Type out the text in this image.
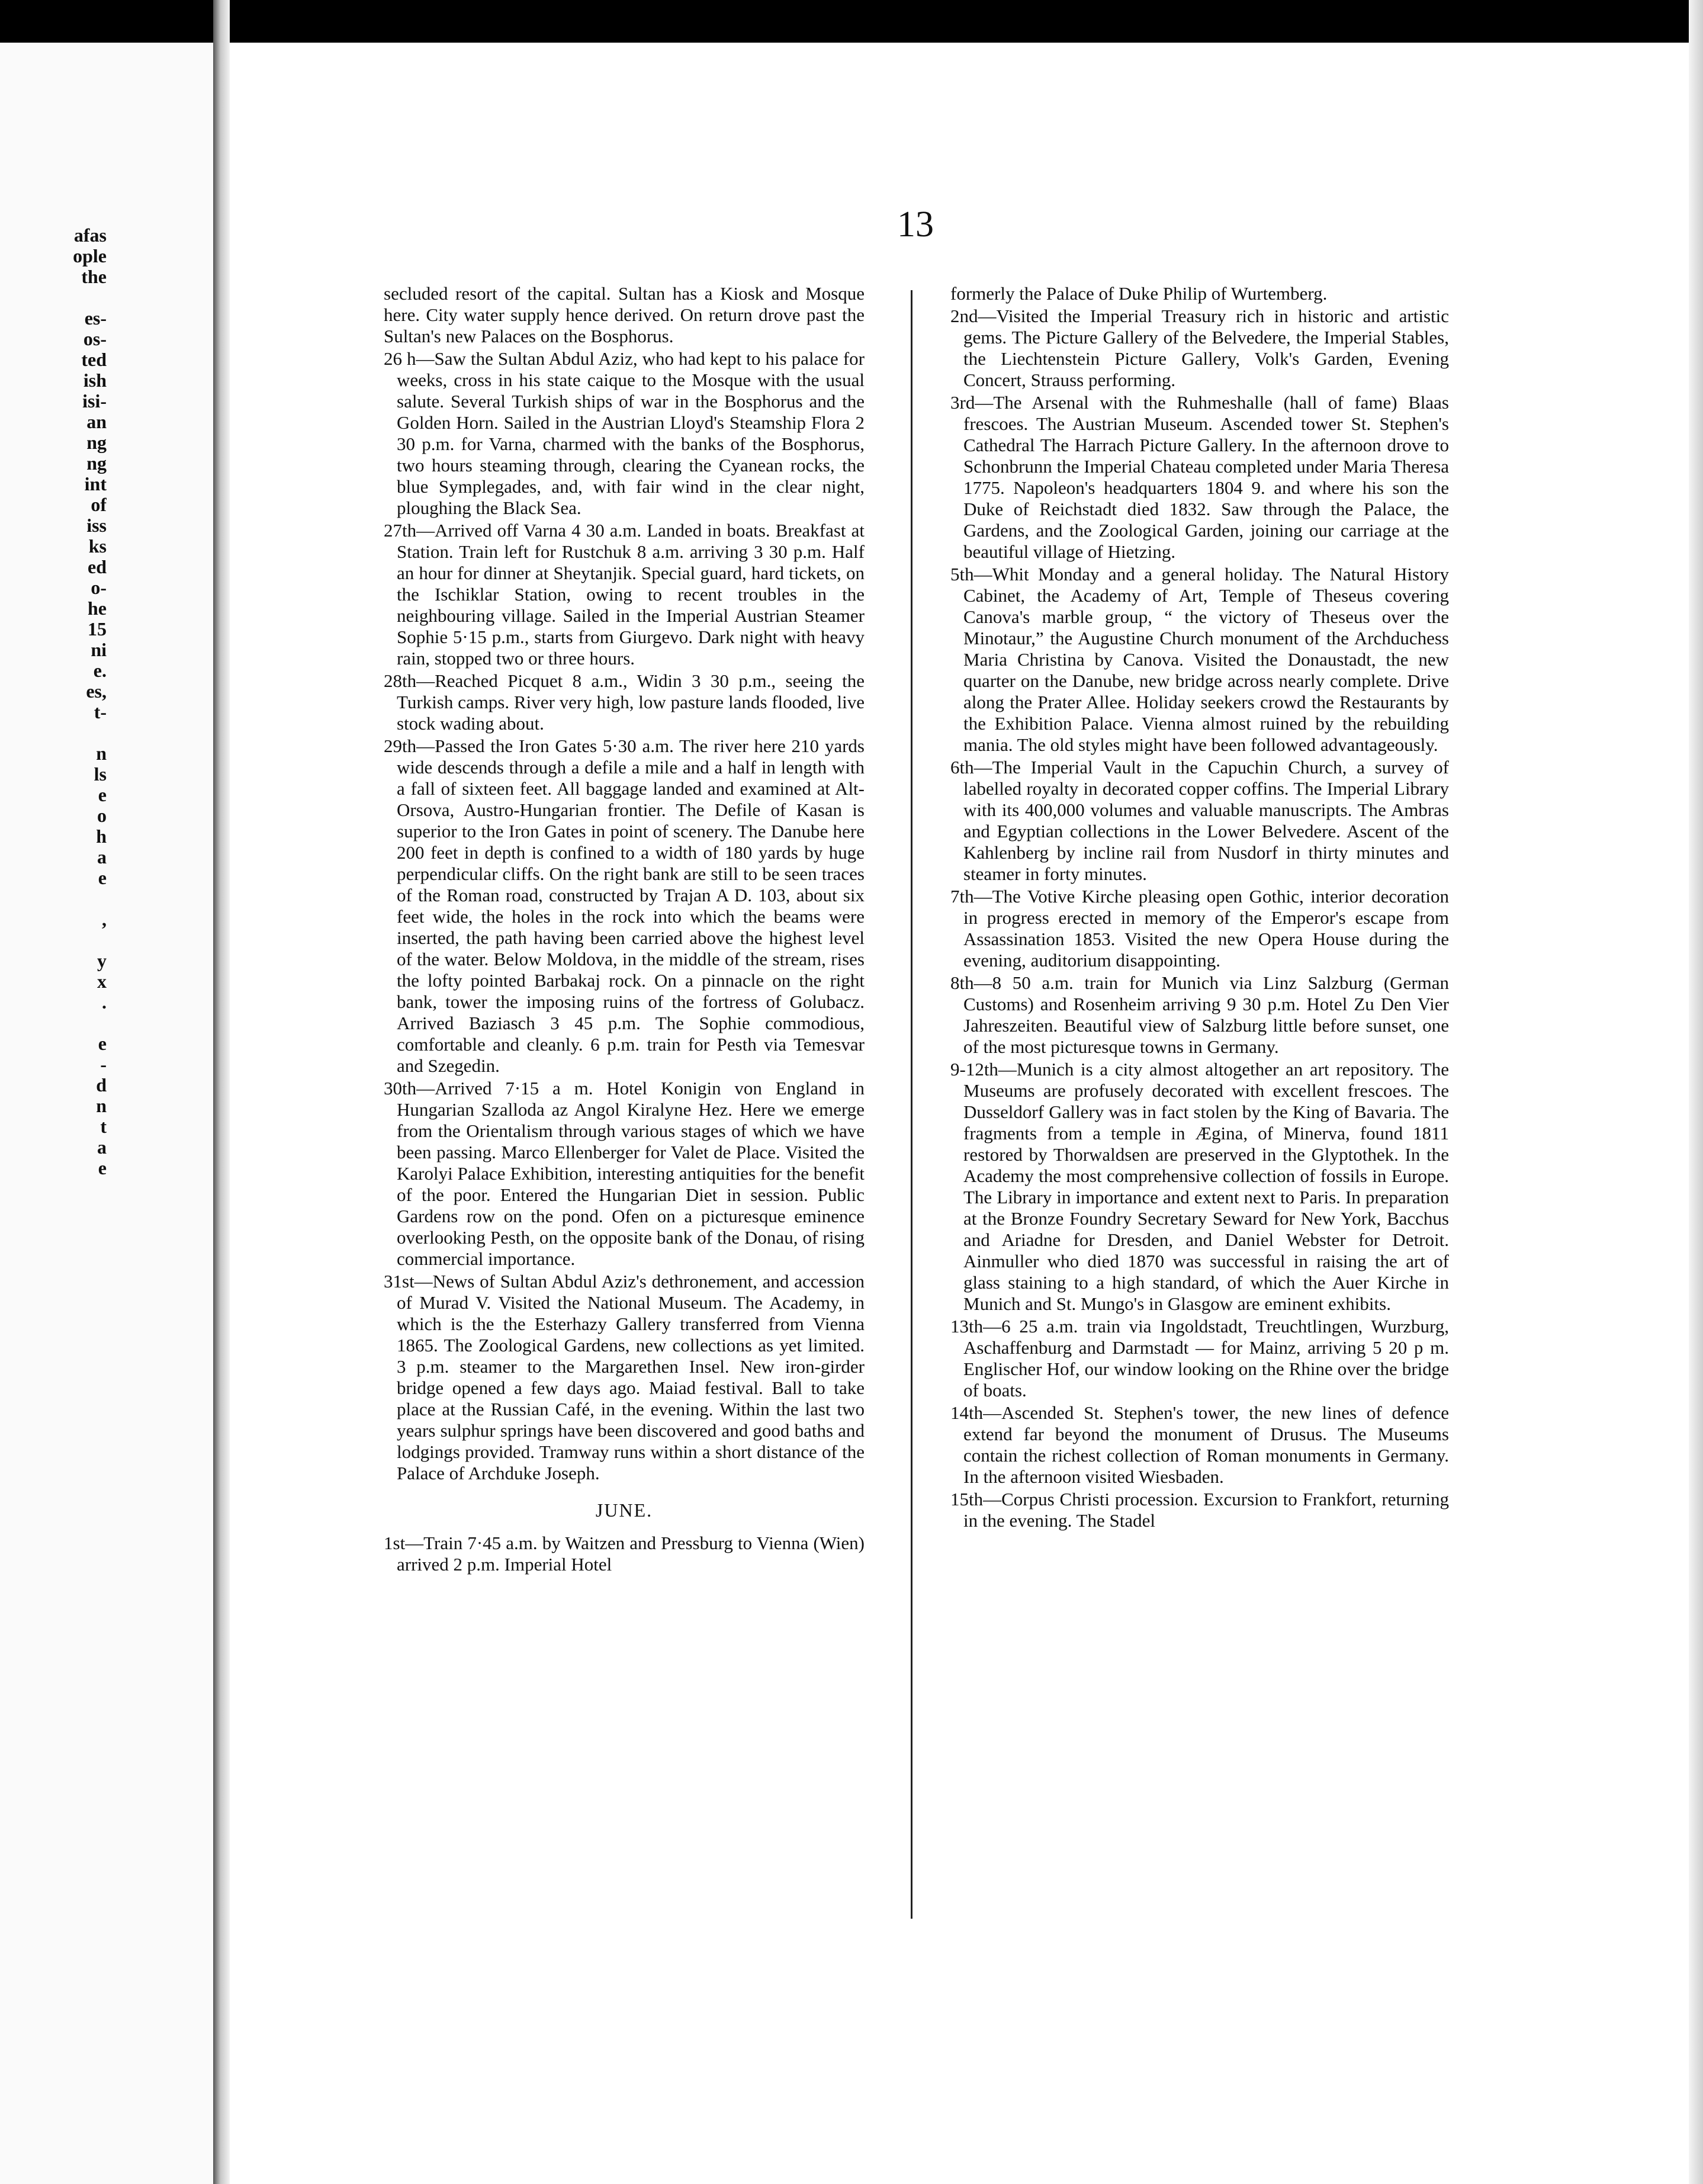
afas
ople
the
es-
os-
ted
ish
isi-
an
ng
ng
int
of
iss
ks
ed
o-
he
15
ni
e.
es,
t-
n
ls
e
o
h
a
e
,
y
x
.
e
-
d
n
t
a
e
13

secluded resort of the capital. Sultan has a Kiosk and Mosque here. City water supply hence derived. On return drove past the Sultan's new Palaces on the Bosphorus.

26 h—Saw the Sultan Abdul Aziz, who had kept to his palace for weeks, cross in his state caique to the Mosque with the usual salute. Several Turkish ships of war in the Bosphorus and the Golden Horn. Sailed in the Austrian Lloyd's Steamship Flora 2 30 p.m. for Varna, charmed with the banks of the Bosphorus, two hours steaming through, clearing the Cyanean rocks, the blue Symplegades, and, with fair wind in the clear night, ploughing the Black Sea.

27th—Arrived off Varna 4 30 a.m. Landed in boats. Breakfast at Station. Train left for Rustchuk 8 a.m. arriving 3 30 p.m. Half an hour for dinner at Sheytanjik. Special guard, hard tickets, on the Ischiklar Station, owing to recent troubles in the neighbouring village. Sailed in the Imperial Austrian Steamer Sophie 5·15 p.m., starts from Giurgevo. Dark night with heavy rain, stopped two or three hours.

28th—Reached Picquet 8 a.m., Widin 3 30 p.m., seeing the Turkish camps. River very high, low pasture lands flooded, live stock wading about.

29th—Passed the Iron Gates 5·30 a.m. The river here 210 yards wide descends through a defile a mile and a half in length with a fall of sixteen feet. All baggage landed and examined at Alt-Orsova, Austro-Hungarian frontier. The Defile of Kasan is superior to the Iron Gates in point of scenery. The Danube here 200 feet in depth is confined to a width of 180 yards by huge perpendicular cliffs. On the right bank are still to be seen traces of the Roman road, constructed by Trajan A D. 103, about six feet wide, the holes in the rock into which the beams were inserted, the path having been carried above the highest level of the water. Below Moldova, in the middle of the stream, rises the lofty pointed Barbakaj rock. On a pinnacle on the right bank, tower the imposing ruins of the fortress of Golubacz. Arrived Baziasch 3 45 p.m. The Sophie commodious, comfortable and cleanly. 6 p.m. train for Pesth via Temesvar and Szegedin.

30th—Arrived 7·15 a m. Hotel Konigin von England in Hungarian Szalloda az Angol Kiralyne Hez. Here we emerge from the Orientalism through various stages of which we have been passing. Marco Ellenberger for Valet de Place. Visited the Karolyi Palace Exhibition, interesting antiquities for the benefit of the poor. Entered the Hungarian Diet in session. Public Gardens row on the pond. Ofen on a picturesque eminence overlooking Pesth, on the opposite bank of the Donau, of rising commercial importance.

31st—News of Sultan Abdul Aziz's dethronement, and accession of Murad V. Visited the National Museum. The Academy, in which is the the Esterhazy Gallery transferred from Vienna 1865. The Zoological Gardens, new collections as yet limited. 3 p.m. steamer to the Margarethen Insel. New iron-girder bridge opened a few days ago. Maiad festival. Ball to take place at the Russian Café, in the evening. Within the last two years sulphur springs have been discovered and good baths and lodgings provided. Tramway runs within a short distance of the Palace of Archduke Joseph.

JUNE.

1st—Train 7·45 a.m. by Waitzen and Pressburg to Vienna (Wien) arrived 2 p.m. Imperial Hotel

formerly the Palace of Duke Philip of Wurtemberg.

2nd—Visited the Imperial Treasury rich in historic and artistic gems. The Picture Gallery of the Belvedere, the Imperial Stables, the Liechtenstein Picture Gallery, Volk's Garden, Evening Concert, Strauss performing.

3rd—The Arsenal with the Ruhmeshalle (hall of fame) Blaas frescoes. The Austrian Museum. Ascended tower St. Stephen's Cathedral The Harrach Picture Gallery. In the afternoon drove to Schonbrunn the Imperial Chateau completed under Maria Theresa 1775. Napoleon's headquarters 1804 9. and where his son the Duke of Reichstadt died 1832. Saw through the Palace, the Gardens, and the Zoological Garden, joining our carriage at the beautiful village of Hietzing.

5th—Whit Monday and a general holiday. The Natural History Cabinet, the Academy of Art, Temple of Theseus covering Canova's marble group, “ the victory of Theseus over the Minotaur,” the Augustine Church monument of the Archduchess Maria Christina by Canova. Visited the Donaustadt, the new quarter on the Danube, new bridge across nearly complete. Drive along the Prater Allee. Holiday seekers crowd the Restaurants by the Exhibition Palace. Vienna almost ruined by the rebuilding mania. The old styles might have been followed advantageously.

6th—The Imperial Vault in the Capuchin Church, a survey of labelled royalty in decorated copper coffins. The Imperial Library with its 400,000 volumes and valuable manuscripts. The Ambras and Egyptian collections in the Lower Belvedere. Ascent of the Kahlenberg by incline rail from Nusdorf in thirty minutes and steamer in forty minutes.

7th—The Votive Kirche pleasing open Gothic, interior decoration in progress erected in memory of the Emperor's escape from Assassination 1853. Visited the new Opera House during the evening, auditorium disappointing.

8th—8 50 a.m. train for Munich via Linz Salzburg (German Customs) and Rosenheim arriving 9 30 p.m. Hotel Zu Den Vier Jahreszeiten. Beautiful view of Salzburg little before sunset, one of the most picturesque towns in Germany.

9-12th—Munich is a city almost altogether an art repository. The Museums are profusely decorated with excellent frescoes. The Dusseldorf Gallery was in fact stolen by the King of Bavaria. The fragments from a temple in Ægina, of Minerva, found 1811 restored by Thorwaldsen are preserved in the Glyptothek. In the Academy the most comprehensive collection of fossils in Europe. The Library in importance and extent next to Paris. In preparation at the Bronze Foundry Secretary Seward for New York, Bacchus and Ariadne for Dresden, and Daniel Webster for Detroit. Ainmuller who died 1870 was successful in raising the art of glass staining to a high standard, of which the Auer Kirche in Munich and St. Mungo's in Glasgow are eminent exhibits.

13th—6 25 a.m. train via Ingoldstadt, Treuchtlingen, Wurzburg, Aschaffenburg and Darmstadt — for Mainz, arriving 5 20 p m. Englischer Hof, our window looking on the Rhine over the bridge of boats.

14th—Ascended St. Stephen's tower, the new lines of defence extend far beyond the monument of Drusus. The Museums contain the richest collection of Roman monuments in Germany. In the afternoon visited Wiesbaden.

15th—Corpus Christi procession. Excursion to Frankfort, returning in the evening. The Stadel
